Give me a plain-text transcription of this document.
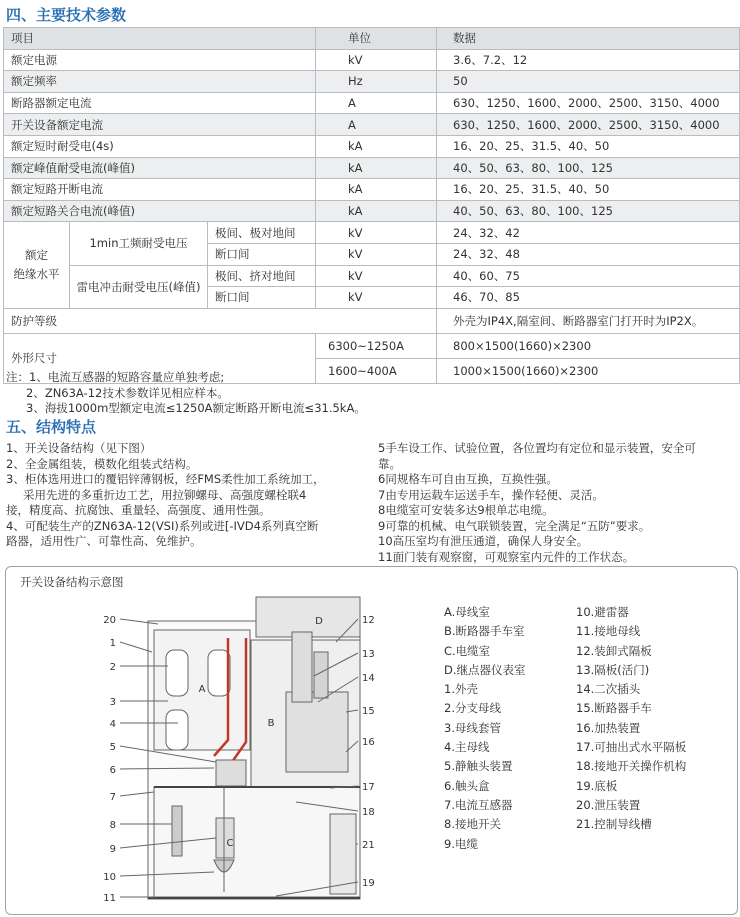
四、主要技术参数
项目			单位	数据
额定电源			kV	3.6、7.2、12
额定频率			Hz	50
断路器额定电流			A	630、1250、1600、2000、2500、3150、4000
开关设备额定电流			A	630、1250、1600、2000、2500、3150、4000
额定短时耐受电(4s)			kA	16、20、25、31.5、40、50
额定峰值耐受电流(峰值)			kA	40、50、63、80、100、125
额定短路开断电流			kA	16、20、25、31.5、40、50
额定短路关合电流(峰值)			kA	40、50、63、80、100、125
额定
绝缘水平	1min工频耐受电压	极间、极对地间	kV	24、32、42
		断口间	kV	24、32、48
	雷电冲击耐受电压(峰值)	极间、挤对地间	kV	40、60、75
		断口间	kV	46、70、85
防护等级				外壳为IP4X,隔室间、断路器室门打开时为IP2X。
外形尺寸			6300~1250A	800×1500(1660)×2300
			1600~400A	1000×1500(1660)×2300
注：1、电流互感器的短路容量应单独考虑;
2、ZN63A-12技术参数详见相应样本。
3、海拔1000m型额定电流≤1250A额定断路开断电流≤31.5kA。
五、结构特点
1、开关设备结构（见下图）
2、全金属组装，模数化组装式结构。
3、柜体选用进口的覆铝锌薄钢板，经FMS柔性加工系统加工，
采用先进的多重折边工艺，用拉铆螺母、高强度螺栓联4
接，精度高、抗腐蚀、重量轻、高强度、通用性强。
4、可配装生产的ZN63A-12(VSI)系列或进[-IVD4系列真空断
路器，适用性广、可靠性高、免维护。
5手车设工作、试验位置，各位置均有定位和显示装置，安全可
靠。
6同规格车可自由互换，互换性强。
7由专用运载车运送手车，操作轻便、灵活。
8电缆室可安装多达9根单芯电缆。
9可靠的机械、电气联锁装置，完全满足“五防”要求。
10高压室均有泄压通道，确保人身安全。
11面门装有观察窗，可观察室内元件的工作状态。
开关设备结构示意图
20
1
2
3
4
5
6
7
8
9
10
11
12
13
14
15
16
17
18
21
19
A
B
C
D
A.母线室
B.断路器手车室
C.电缆室
D.继点器仪表室
1.外壳
2.分支母线
3.母线套管
4.主母线
5.静触头装置
6.触头盒
7.电流互感器
8.接地开关
9.电缆
10.避雷器
11.接地母线
12.装卸式隔板
13.隔板(活门)
14.二次插头
15.断路器手车
16.加热装置
17.可抽出式水平隔板
18.接地开关操作机构
19.底板
20.泄压装置
21.控制导线槽
